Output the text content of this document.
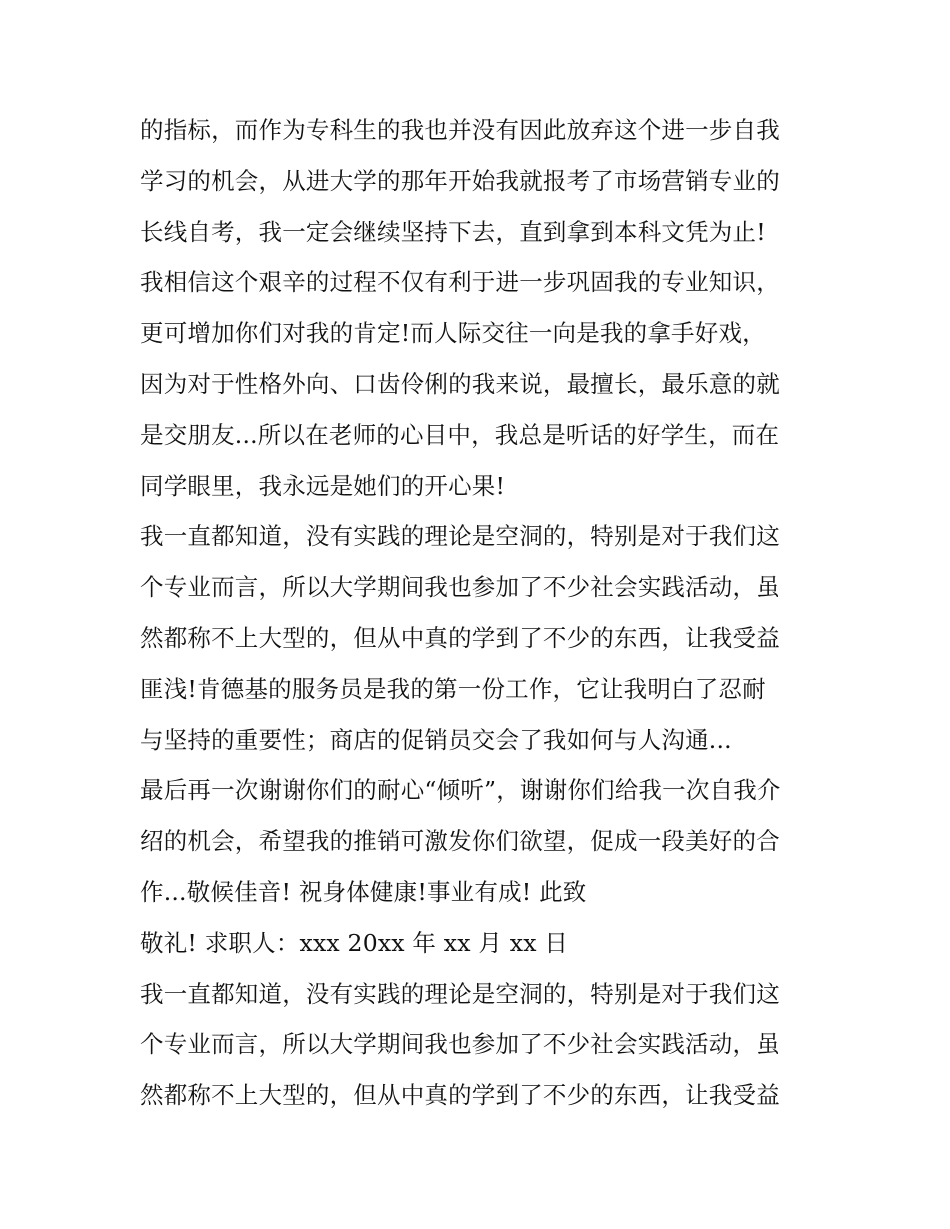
的指标，而作为专科生的我也并没有因此放弃这个进一步自我
学习的机会，从进大学的那年开始我就报考了市场营销专业的
长线自考，我一定会继续坚持下去，直到拿到本科文凭为止!
我相信这个艰辛的过程不仅有利于进一步巩固我的专业知识，
更可增加你们对我的肯定!而人际交往一向是我的拿手好戏，
因为对于性格外向、口齿伶俐的我来说，最擅长，最乐意的就
是交朋友...所以在老师的心目中，我总是听话的好学生，而在
同学眼里，我永远是她们的开心果!
我一直都知道，没有实践的理论是空洞的，特别是对于我们这
个专业而言，所以大学期间我也参加了不少社会实践活动，虽
然都称不上大型的，但从中真的学到了不少的东西，让我受益
匪浅!肯德基的服务员是我的第一份工作，它让我明白了忍耐
与坚持的重要性；商店的促销员交会了我如何与人沟通...
最后再一次谢谢你们的耐心“倾听”，谢谢你们给我一次自我介
绍的机会，希望我的推销可激发你们欲望，促成一段美好的合
作...敬候佳音! 祝身体健康!事业有成! 此致
敬礼! 求职人：xxx 20xx 年 xx 月 xx 日
我一直都知道，没有实践的理论是空洞的，特别是对于我们这
个专业而言，所以大学期间我也参加了不少社会实践活动，虽
然都称不上大型的，但从中真的学到了不少的东西，让我受益
